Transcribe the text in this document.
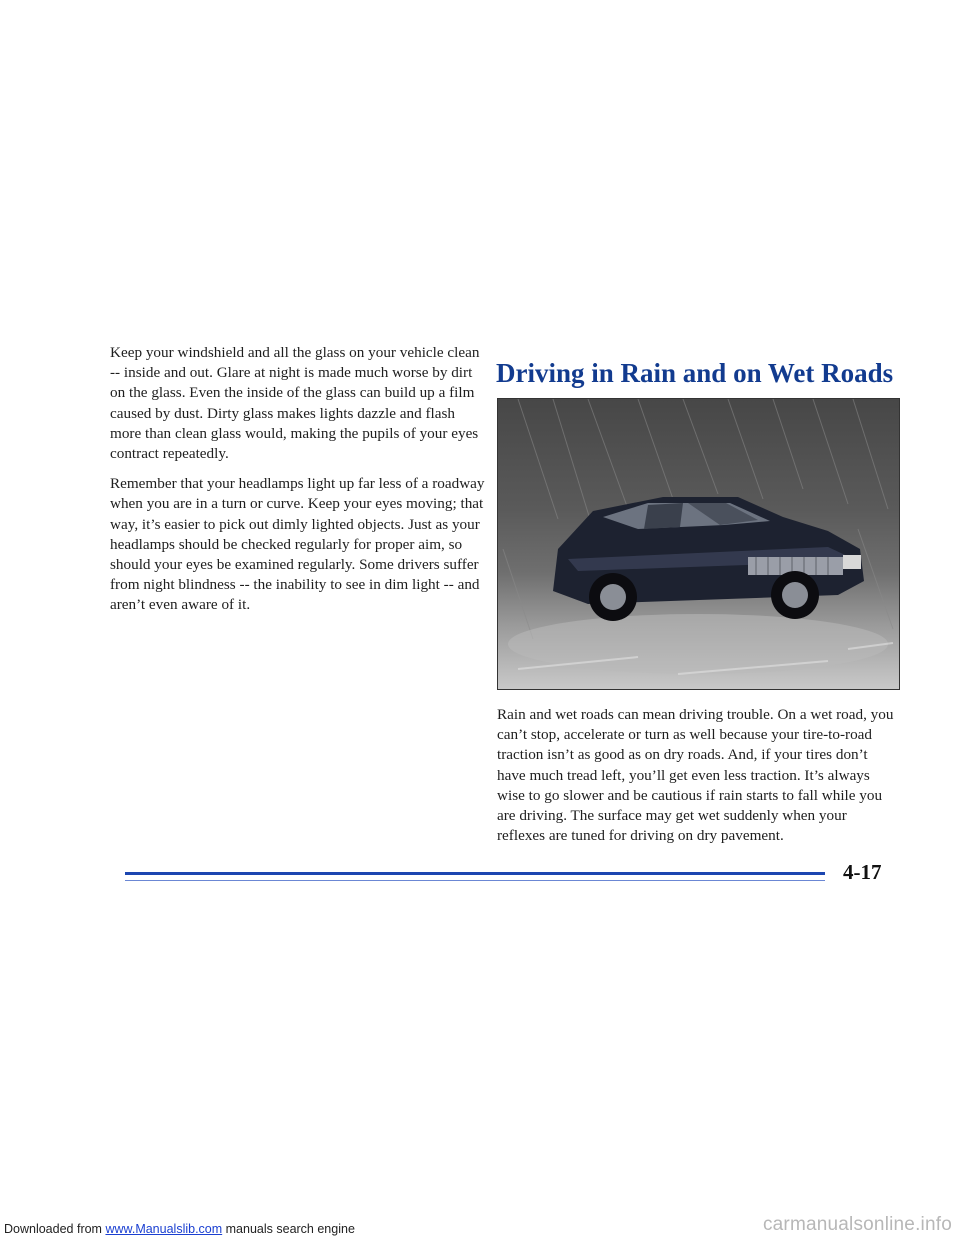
Keep your windshield and all the glass on your vehicle clean -- inside and out. Glare at night is made much worse by dirt on the glass. Even the inside of the glass can build up a film caused by dust. Dirty glass makes lights dazzle and flash more than clean glass would, making the pupils of your eyes contract repeatedly.

Remember that your headlamps light up far less of a roadway when you are in a turn or curve. Keep your eyes moving; that way, it’s easier to pick out dimly lighted objects. Just as your headlamps should be checked regularly for proper aim, so should your eyes be examined regularly. Some drivers suffer from night blindness -- the inability to see in dim light -- and aren’t even aware of it.

Driving in Rain and on Wet Roads

Rain and wet roads can mean driving trouble. On a wet road, you can’t stop, accelerate or turn as well because your tire-to-road traction isn’t as good as on dry roads. And, if your tires don’t have much tread left, you’ll get even less traction. It’s always wise to go slower and be cautious if rain starts to fall while you are driving. The surface may get wet suddenly when your reflexes are tuned for driving on dry pavement.

4-17
Downloaded from www.Manualslib.com manuals search engine	carmanualsonline.info
